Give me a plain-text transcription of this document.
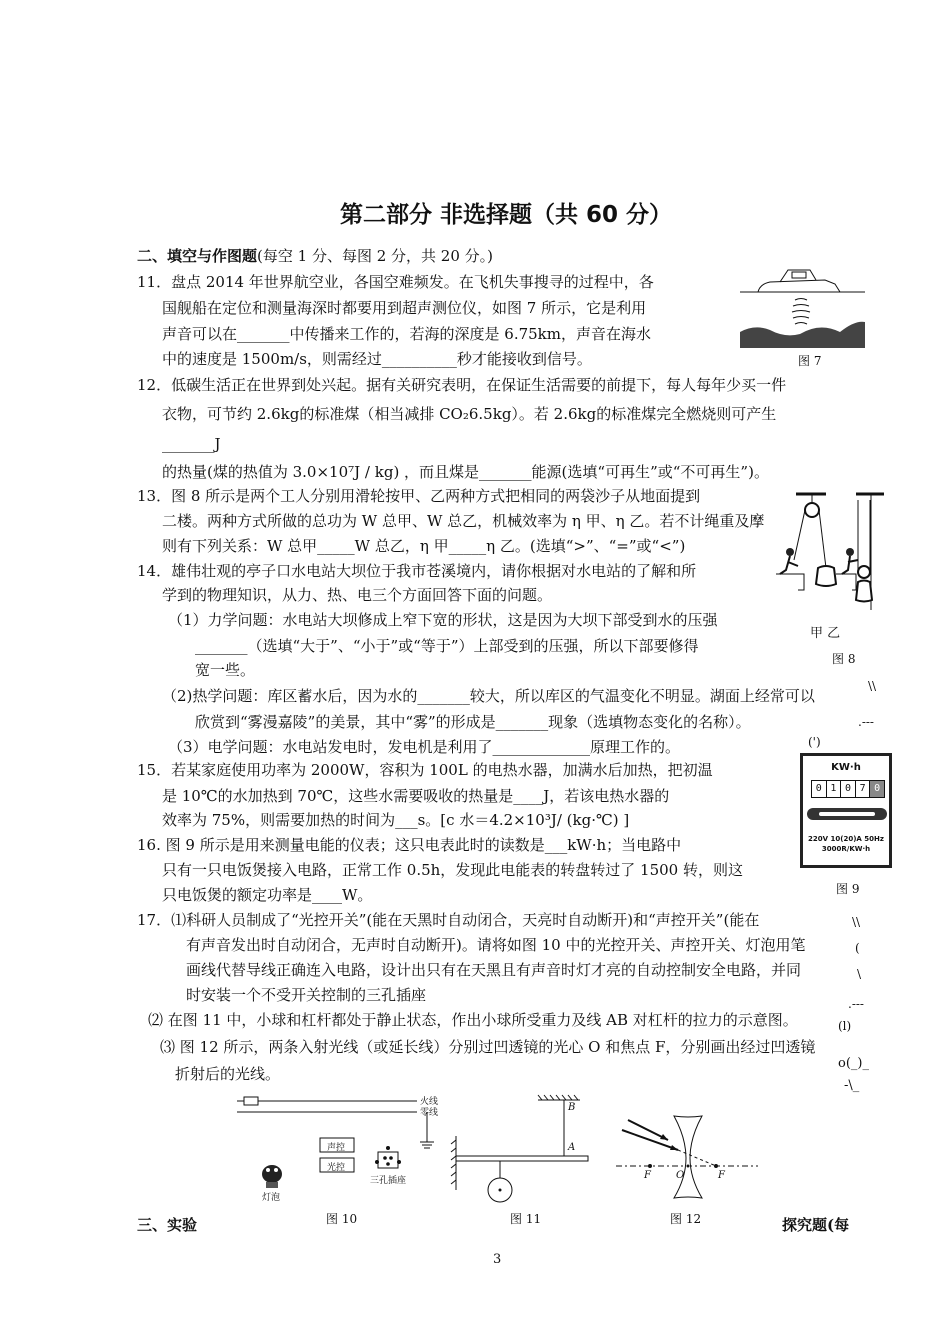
第二部分 非选择题（共 60 分）
二、填空与作图题(每空 1 分、每图 2 分，共 20 分。)
11．盘点 2014 年世界航空业，各国空难频发。在飞机失事搜寻的过程中，各
国舰船在定位和测量海深时都要用到超声测位仪，如图 7 所示，它是利用
声音可以在_______中传播来工作的，若海的深度是 6.75km，声音在海水
中的速度是 1500m/s，则需经过__________秒才能接收到信号。	图 7
12．低碳生活正在世界到处兴起。据有关研究表明，在保证生活需要的前提下，每人每年少买一件
衣物，可节约 2.6kg的标准煤（相当减排 CO₂6.5kg）。若 2.6kg的标准煤完全燃烧则可产生
_______J
的热量(煤的热值为 3.0×10⁷J / kg) ，而且煤是_______能源(选填“可再生”或“不可再生”)。
13．图 8 所示是两个工人分别用滑轮按甲、乙两种方式把相同的两袋沙子从地面提到
二楼。两种方式所做的总功为 W 总甲、W 总乙，机械效率为 η 甲、η 乙。若不计绳重及摩
则有下列关系：W 总甲_____W 总乙，η 甲_____η 乙。(选填“>”、“=”或“<”)
甲 乙
图 8
14．雄伟壮观的亭子口水电站大坝位于我市苍溪境内，请你根据对水电站的了解和所
学到的物理知识，从力、热、电三个方面回答下面的问题。
（1）力学问题：水电站大坝修成上窄下宽的形状，这是因为大坝下部受到水的压强
_______（选填“大于”、“小于”或“等于”）上部受到的压强，所以下部要修得
宽一些。
（2)热学问题：库区蓄水后，因为水的_______较大，所以库区的气温变化不明显。湖面上经常可以
欣赏到“雾漫嘉陵”的美景，其中“雾”的形成是_______现象（选填物态变化的名称）。
（3）电学问题：水电站发电时，发电机是利用了_____________原理工作的。
15．若某家庭使用功率为 2000W，容积为 100L 的电热水器，加满水后加热，把初温
是 10℃的水加热到 70℃，这些水需要吸收的热量是____J，若该电热水器的
效率为 75%，则需要加热的时间为___s。[c 水＝4.2×10³J/ (kg·℃) ]
KW·h
0 1 0 7 0
220V 10(20)A 50Hz
3000R/KW·h
图 9
16. 图 9 所示是用来测量电能的仪表；这只电表此时的读数是___kW·h；当电路中
只有一只电饭煲接入电路，正常工作 0.5h，发现此电能表的转盘转过了 1500 转，则这
只电饭煲的额定功率是____W。
17．⑴科研人员制成了“光控开关”(能在天黑时自动闭合，天亮时自动断开)和“声控开关”(能在
有声音发出时自动闭合，无声时自动断开)。请将如图 10 中的光控开关、声控开关、灯泡用笔
画线代替导线正确连入电路，设计出只有在天黑且有声音时灯才亮的自动控制安全电路，并同
时安装一个不受开关控制的三孔插座
⑵ 在图 11 中，小球和杠杆都处于静止状态，作出小球所受重力及线 AB 对杠杆的拉力的示意图。
⑶ 图 12 所示，两条入射光线（或延长线）分别过凹透镜的光心 O 和焦点 F，分别画出经过凹透镜
折射后的光线。
\\
.---
(')
\\
(
\
.---
(l)
o(_)_
-\_
火线
零线
声控
光控
三孔插座
灯泡
图 10
B
A
图 11
F	O	F
图 12
三、实验	探究题(每
3
